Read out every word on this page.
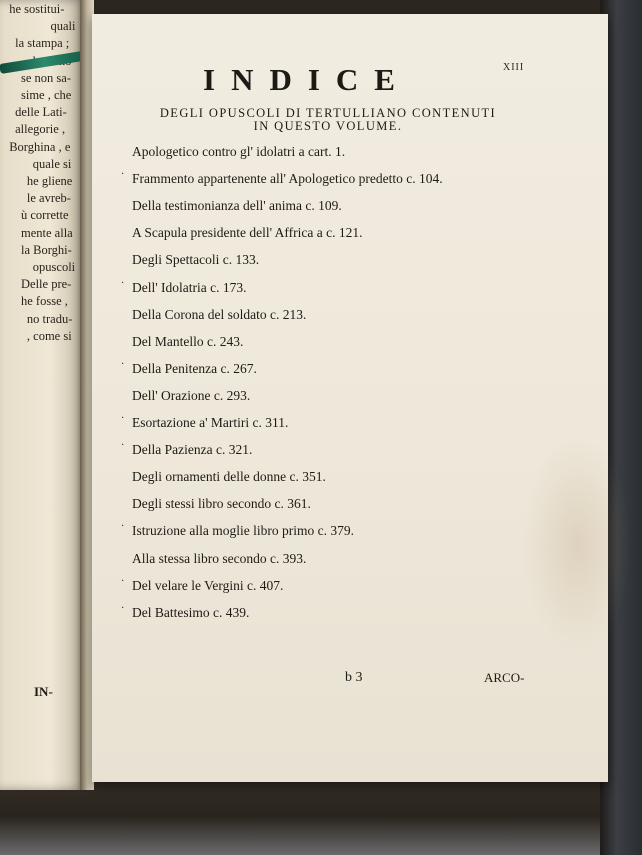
he sostitui-
quali
la stampa ;
se non sa-
sime , che
delle Lati-
allegorie ,
Borghina , e
quale si
he gliene
le avreb-
ù corrette
mente alla
la Borghi-
opuscoli
Delle pre-
he fosse ,
no tradu-
, come si
IN-
XIII
INDICE
DEGLI OPUSCOLI DI TERTULLIANO CONTENUTI
IN QUESTO VOLUME.
Apologetico contro gl' idolatri a cart. 1.
Frammento appartenente all' Apologetico predetto c. 104.
·
Della testimonianza dell' anima c. 109.
A Scapula presidente dell' Affrica a c. 121.
Degli Spettacoli c. 133.
Dell' Idolatria c. 173.
·
Della Corona del soldato c. 213.
Del Mantello c. 243.
Della Penitenza c. 267.
·
Dell' Orazione c. 293.
Esortazione a' Martiri c. 311.
·
Della Pazienza c. 321.
·
Degli ornamenti delle donne c. 351.
Degli stessi libro secondo c. 361.
Istruzione alla moglie libro primo c. 379.
·
Alla stessa libro secondo c. 393.
Del velare le Vergini c. 407.
·
Del Battesimo c. 439.
·
b 3	ARCO-
